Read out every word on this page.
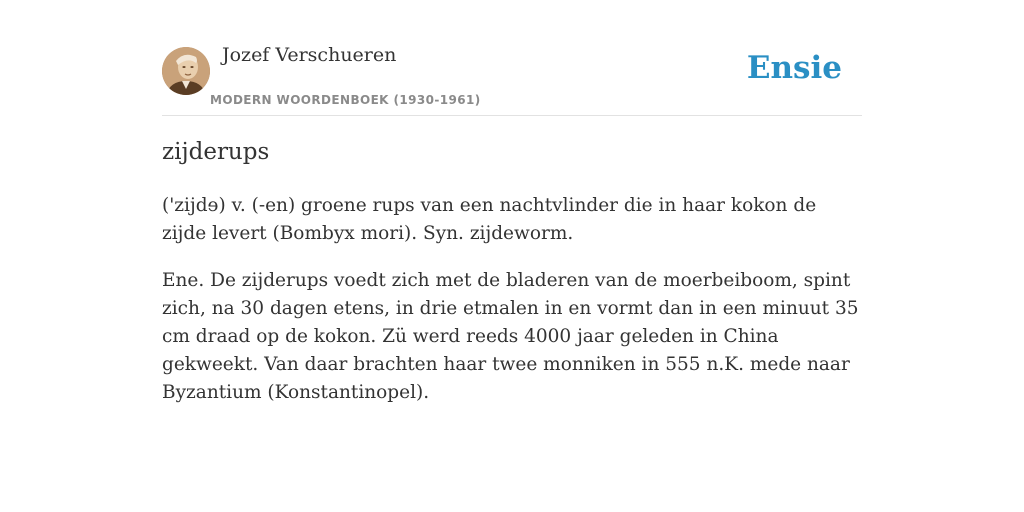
Jozef Verschueren
MODERN WOORDENBOEK (1930-1961)
Ensie
zijderups

('zijdɘ) v. (-en) groene rups van een nachtvlinder die in haar kokon de zijde levert (Bombyx mori). Syn. zijdeworm.

Ene. De zijderups voedt zich met de bladeren van de moerbeiboom, spint zich, na 30 dagen etens, in drie etmalen in en vormt dan in een minuut 35 cm draad op de kokon. Zü werd reeds 4000 jaar geleden in China gekweekt. Van daar brachten haar twee monniken in 555 n.K. mede naar Byzantium (Konstantinopel).
